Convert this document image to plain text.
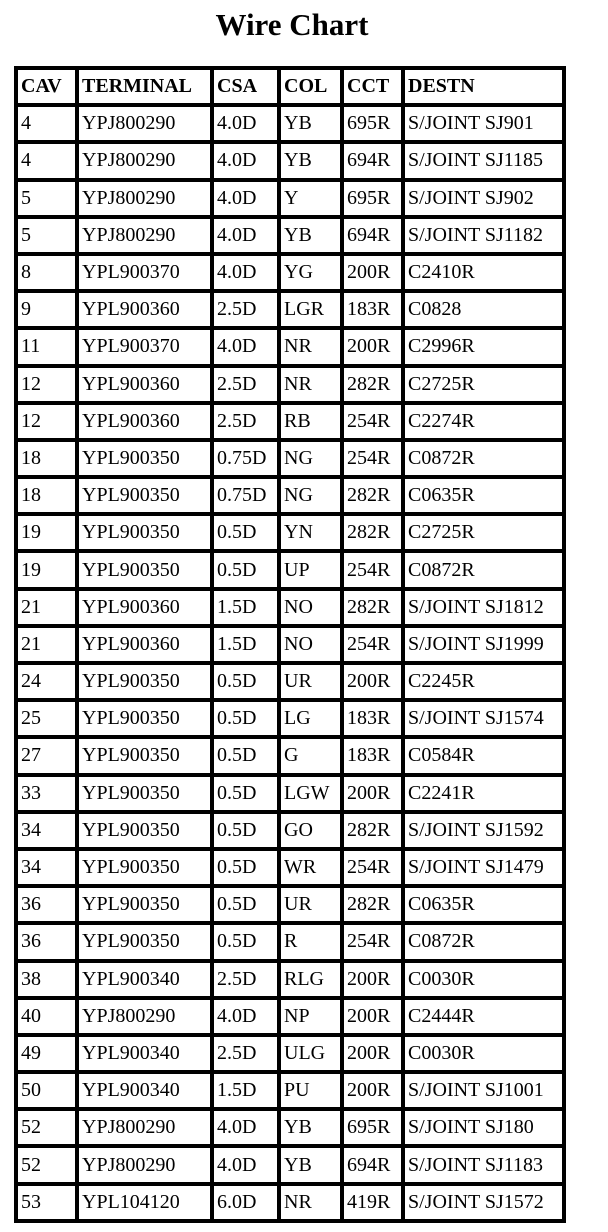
Wire Chart
CAV	TERMINAL	CSA	COL	CCT	DESTN
4	YPJ800290	4.0D	YB	695R	S/JOINT SJ901
4	YPJ800290	4.0D	YB	694R	S/JOINT SJ1185
5	YPJ800290	4.0D	Y	695R	S/JOINT SJ902
5	YPJ800290	4.0D	YB	694R	S/JOINT SJ1182
8	YPL900370	4.0D	YG	200R	C2410R
9	YPL900360	2.5D	LGR	183R	C0828
11	YPL900370	4.0D	NR	200R	C2996R
12	YPL900360	2.5D	NR	282R	C2725R
12	YPL900360	2.5D	RB	254R	C2274R
18	YPL900350	0.75D	NG	254R	C0872R
18	YPL900350	0.75D	NG	282R	C0635R
19	YPL900350	0.5D	YN	282R	C2725R
19	YPL900350	0.5D	UP	254R	C0872R
21	YPL900360	1.5D	NO	282R	S/JOINT SJ1812
21	YPL900360	1.5D	NO	254R	S/JOINT SJ1999
24	YPL900350	0.5D	UR	200R	C2245R
25	YPL900350	0.5D	LG	183R	S/JOINT SJ1574
27	YPL900350	0.5D	G	183R	C0584R
33	YPL900350	0.5D	LGW	200R	C2241R
34	YPL900350	0.5D	GO	282R	S/JOINT SJ1592
34	YPL900350	0.5D	WR	254R	S/JOINT SJ1479
36	YPL900350	0.5D	UR	282R	C0635R
36	YPL900350	0.5D	R	254R	C0872R
38	YPL900340	2.5D	RLG	200R	C0030R
40	YPJ800290	4.0D	NP	200R	C2444R
49	YPL900340	2.5D	ULG	200R	C0030R
50	YPL900340	1.5D	PU	200R	S/JOINT SJ1001
52	YPJ800290	4.0D	YB	695R	S/JOINT SJ180
52	YPJ800290	4.0D	YB	694R	S/JOINT SJ1183
53	YPL104120	6.0D	NR	419R	S/JOINT SJ1572
